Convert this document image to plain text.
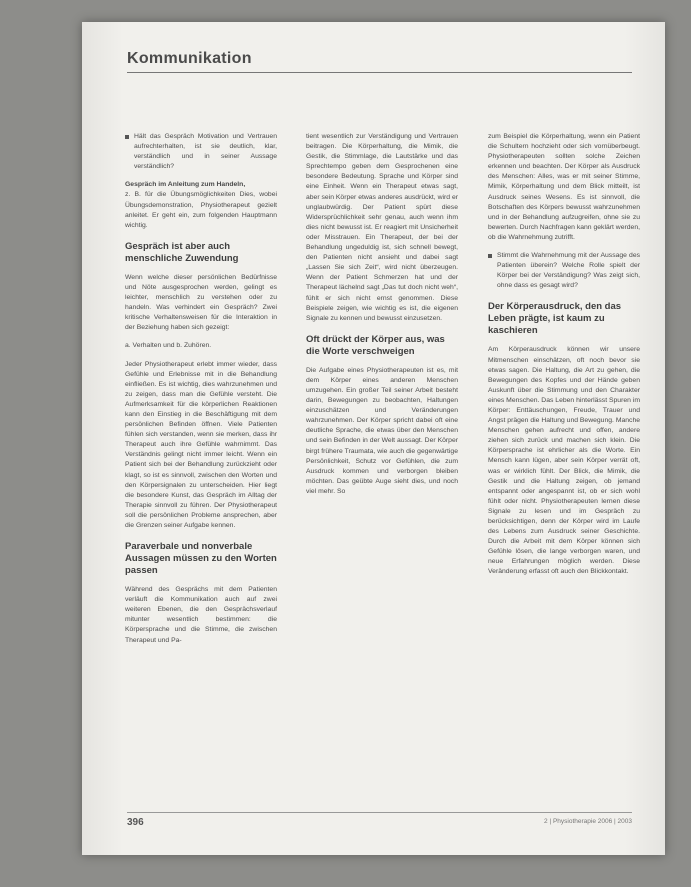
Kommunikation
Hält das Gespräch Motivation und Vertrauen aufrechterhalten, ist sie deutlich, klar, verständlich und in seiner Aussage verständlich?

Gespräch im Anleitung zum Handeln,

z. B. für die Übungsmöglichkeiten Dies, wobei Übungsdemonstration, Physiotherapeut gezielt anleitet. Er geht ein, zum folgenden Hauptmann wichtig.

Gespräch ist aber auch menschliche Zuwendung

Wenn welche dieser persönlichen Bedürfnisse und Nöte ausgesprochen werden, gelingt es leichter, menschlich zu verstehen oder zu handeln. Was verhindert ein Gespräch? Zwei kritische Verhaltensweisen für die Interaktion in der Beziehung haben sich gezeigt:

a. Verhalten und b. Zuhören.

Jeder Physiotherapeut erlebt immer wieder, dass Gefühle und Erlebnisse mit in die Behandlung einfließen. Es ist wichtig, dies wahrzunehmen und zu zeigen, dass man die Gefühle versteht. Die Aufmerksamkeit für die körperlichen Reaktionen kann den Einstieg in die Beschäftigung mit dem persönlichen Befinden öffnen. Viele Patienten fühlen sich verstanden, wenn sie merken, dass ihr Therapeut auch ihre Gefühle wahrnimmt. Das Verständnis gelingt nicht immer leicht. Wenn ein Patient sich bei der Behandlung zurückzieht oder klagt, so ist es sinnvoll, zwischen den Worten und den Körpersignalen zu unterscheiden. Hier liegt die besondere Kunst, das Gespräch im Alltag der Therapie sinnvoll zu führen. Der Physiotherapeut soll die persönlichen Probleme ansprechen, aber die Grenzen seiner Aufgabe kennen.

Paraverbale und nonverbale Aussagen müssen zu den Worten passen

Während des Gesprächs mit dem Patienten verläuft die Kommunikation auch auf zwei weiteren Ebenen, die den Gesprächsverlauf mitunter wesentlich bestimmen: die Körpersprache und die Stimme, die zwischen Therapeut und Pa-

tient wesentlich zur Verständigung und Vertrauen beitragen. Die Körperhaltung, die Mimik, die Gestik, die Stimmlage, die Lautstärke und das Sprechtempo geben dem Gesprochenen eine besondere Bedeutung. Sprache und Körper sind eine Einheit. Wenn ein Therapeut etwas sagt, aber sein Körper etwas anderes ausdrückt, wird er unglaubwürdig. Der Patient spürt diese Widersprüchlichkeit sehr genau, auch wenn ihm dies nicht bewusst ist. Er reagiert mit Unsicherheit oder Misstrauen. Ein Therapeut, der bei der Behandlung ungeduldig ist, sich schnell bewegt, den Patienten nicht ansieht und dabei sagt „Lassen Sie sich Zeit“, wird nicht überzeugen. Wenn der Patient Schmerzen hat und der Therapeut lächelnd sagt „Das tut doch nicht weh“, fühlt er sich nicht ernst genommen. Diese Beispiele zeigen, wie wichtig es ist, die eigenen Signale zu kennen und bewusst einzusetzen.

Oft drückt der Körper aus, was die Worte verschweigen

Die Aufgabe eines Physiotherapeuten ist es, mit dem Körper eines anderen Menschen umzugehen. Ein großer Teil seiner Arbeit besteht darin, Bewegungen zu beobachten, Haltungen einzuschätzen und Veränderungen wahrzunehmen. Der Körper spricht dabei oft eine deutliche Sprache, die etwas über den Menschen und sein Befinden in der Welt aussagt. Der Körper birgt frühere Traumata, wie auch die gegenwärtige Persönlichkeit, Schutz vor Gefühlen, die zum Ausdruck kommen und verborgen bleiben möchten. Das geübte Auge sieht dies, und noch viel mehr. So

zum Beispiel die Körperhaltung, wenn ein Patient die Schultern hochzieht oder sich vornüberbeugt. Physiotherapeuten sollten solche Zeichen erkennen und beachten. Der Körper als Ausdruck des Menschen: Alles, was er mit seiner Stimme, Mimik, Körperhaltung und dem Blick mitteilt, ist Ausdruck seines Wesens. Es ist sinnvoll, die Botschaften des Körpers bewusst wahrzunehmen und in der Behandlung aufzugreifen, ohne sie zu bewerten. Durch Nachfragen kann geklärt werden, ob die Wahrnehmung zutrifft.

Stimmt die Wahrnehmung mit der Aussage des Patienten überein? Welche Rolle spielt der Körper bei der Verständigung? Was zeigt sich, ohne dass es gesagt wird?
Der Körperausdruck, den das Leben prägte, ist kaum zu kaschieren

Am Körperausdruck können wir unsere Mitmenschen einschätzen, oft noch bevor sie etwas sagen. Die Haltung, die Art zu gehen, die Bewegungen des Kopfes und der Hände geben Auskunft über die Stimmung und den Charakter eines Menschen. Das Leben hinterlässt Spuren im Körper: Enttäuschungen, Freude, Trauer und Angst prägen die Haltung und Bewegung. Manche Menschen gehen aufrecht und offen, andere ziehen sich zurück und machen sich klein. Die Körpersprache ist ehrlicher als die Worte. Ein Mensch kann lügen, aber sein Körper verrät oft, was er wirklich fühlt. Der Blick, die Mimik, die Gestik und die Haltung zeigen, ob jemand entspannt oder angespannt ist, ob er sich wohl fühlt oder nicht. Physiotherapeuten lernen diese Signale zu lesen und im Gespräch zu berücksichtigen, denn der Körper wird im Laufe des Lebens zum Ausdruck seiner Geschichte. Durch die Arbeit mit dem Körper können sich Gefühle lösen, die lange verborgen waren, und neue Erfahrungen möglich werden. Diese Veränderung erfasst oft auch den Blickkontakt.

396	2 | Physiotherapie 2006 | 2003
